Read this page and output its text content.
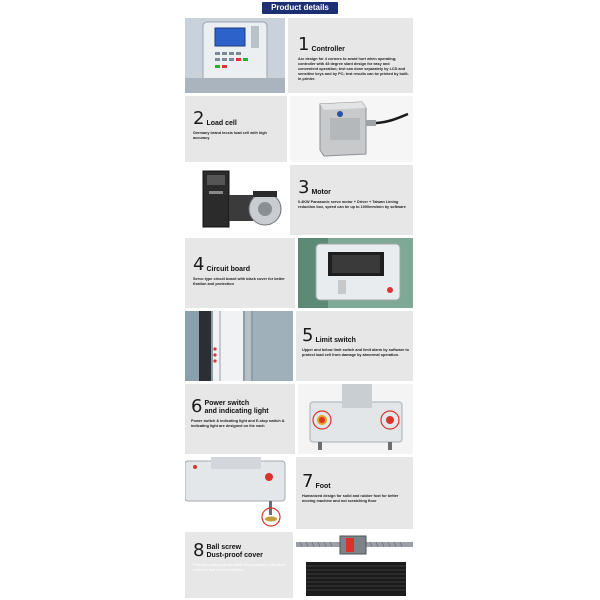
Product details
1 Controller
Arc design for 4 corners to avoid hurt when operating; controller with 45 degree slant design for easy and convenient operation; test can done separately by LCD and sensitive keys and by PC; test results can be printed by built-in printer.
2 Load cell
Germany brand tecsis load cell with high accuracy
3 Motor
0.4KW Panasonic servo motor + Driver + Taiwan Liming reduction box, speed can be up to 1000mm/min by software
4 Circuit board
Servo type circuit board with black cover for better fixation and protection
5 Limit switch
Upper and below limit switch and limit alarm by software to protect load cell from damage by abnormal operation.
6 Power switch
and indicating light
Power switch & indicating light and E-stop switch & indicating light are designed on the each
7 Foot
Humanized design for solid and rubber foot for better moving machine and not scratching floor
8 Ball screw
Dust-proof cover
Precision ball screw for better test accuracy; dust-proof cover for ball screw protection
